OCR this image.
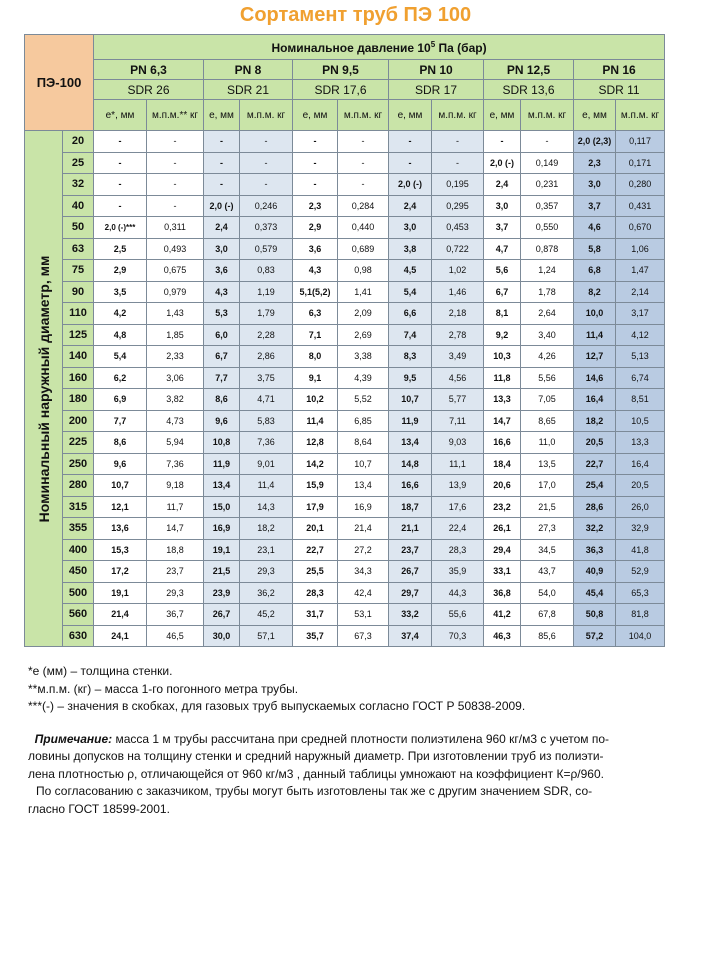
Сортамент труб ПЭ 100
ПЭ-100		Номинальное давление $10^5$ Па (бар)											
		PN 6,3		PN 8		PN 9,5		PN 10		PN 12,5		PN 16	
		SDR 26		SDR 21		SDR 17,6		SDR 17		SDR 13,6		SDR 11	
		е*, мм	м.п.м.** кг	е, мм	м.п.м. кг	е, мм	м.п.м. кг	е, мм	м.п.м. кг	е, мм	м.п.м. кг	е, мм	м.п.м. кг

Номинальный наружный диаметр, мм	20	-	-	-	-	-	-	-	-	-	-	2,0 (2,3)	0,117
	25	-	-	-	-	-	-	-	-	2,0 (-)	0,149	2,3	0,171
	32	-	-	-	-	-	-	2,0 (-)	0,195	2,4	0,231	3,0	0,280
	40	-	-	2,0 (-)	0,246	2,3	0,284	2,4	0,295	3,0	0,357	3,7	0,431
	50	2,0 (-)***	0,311	2,4	0,373	2,9	0,440	3,0	0,453	3,7	0,550	4,6	0,670
	63	2,5	0,493	3,0	0,579	3,6	0,689	3,8	0,722	4,7	0,878	5,8	1,06
	75	2,9	0,675	3,6	0,83	4,3	0,98	4,5	1,02	5,6	1,24	6,8	1,47
	90	3,5	0,979	4,3	1,19	5,1(5,2)	1,41	5,4	1,46	6,7	1,78	8,2	2,14
	110	4,2	1,43	5,3	1,79	6,3	2,09	6,6	2,18	8,1	2,64	10,0	3,17
	125	4,8	1,85	6,0	2,28	7,1	2,69	7,4	2,78	9,2	3,40	11,4	4,12
	140	5,4	2,33	6,7	2,86	8,0	3,38	8,3	3,49	10,3	4,26	12,7	5,13
	160	6,2	3,06	7,7	3,75	9,1	4,39	9,5	4,56	11,8	5,56	14,6	6,74
	180	6,9	3,82	8,6	4,71	10,2	5,52	10,7	5,77	13,3	7,05	16,4	8,51
	200	7,7	4,73	9,6	5,83	11,4	6,85	11,9	7,11	14,7	8,65	18,2	10,5
	225	8,6	5,94	10,8	7,36	12,8	8,64	13,4	9,03	16,6	11,0	20,5	13,3
	250	9,6	7,36	11,9	9,01	14,2	10,7	14,8	11,1	18,4	13,5	22,7	16,4
	280	10,7	9,18	13,4	11,4	15,9	13,4	16,6	13,9	20,6	17,0	25,4	20,5
	315	12,1	11,7	15,0	14,3	17,9	16,9	18,7	17,6	23,2	21,5	28,6	26,0
	355	13,6	14,7	16,9	18,2	20,1	21,4	21,1	22,4	26,1	27,3	32,2	32,9
	400	15,3	18,8	19,1	23,1	22,7	27,2	23,7	28,3	29,4	34,5	36,3	41,8
	450	17,2	23,7	21,5	29,3	25,5	34,3	26,7	35,9	33,1	43,7	40,9	52,9
	500	19,1	29,3	23,9	36,2	28,3	42,4	29,7	44,3	36,8	54,0	45,4	65,3
	560	21,4	36,7	26,7	45,2	31,7	53,1	33,2	55,6	41,2	67,8	50,8	81,8
	630	24,1	46,5	30,0	57,1	35,7	67,3	37,4	70,3	46,3	85,6	57,2	104,0

*е (мм) – толщина стенки.

**м.п.м. (кг) – масса 1-го погонного метра трубы.

***(-) – значения в скобках, для газовых труб выпускаемых согласно ГОСТ Р 50838-2009.

Примечание: масса 1 м трубы рассчитана при средней плотности полиэтилена 960 кг/м3 с учетом по-

ловины допусков на толщину стенки и средний наружный диаметр. При изготовлении труб из полиэти-

лена плотностью ρ, отличающейся от 960 кг/м3 , данный таблицы умножают на коэффициент К=ρ/960.

По согласованию с заказчиком, трубы могут быть изготовлены так же с другим значением SDR, со-

гласно ГОСТ 18599-2001.
